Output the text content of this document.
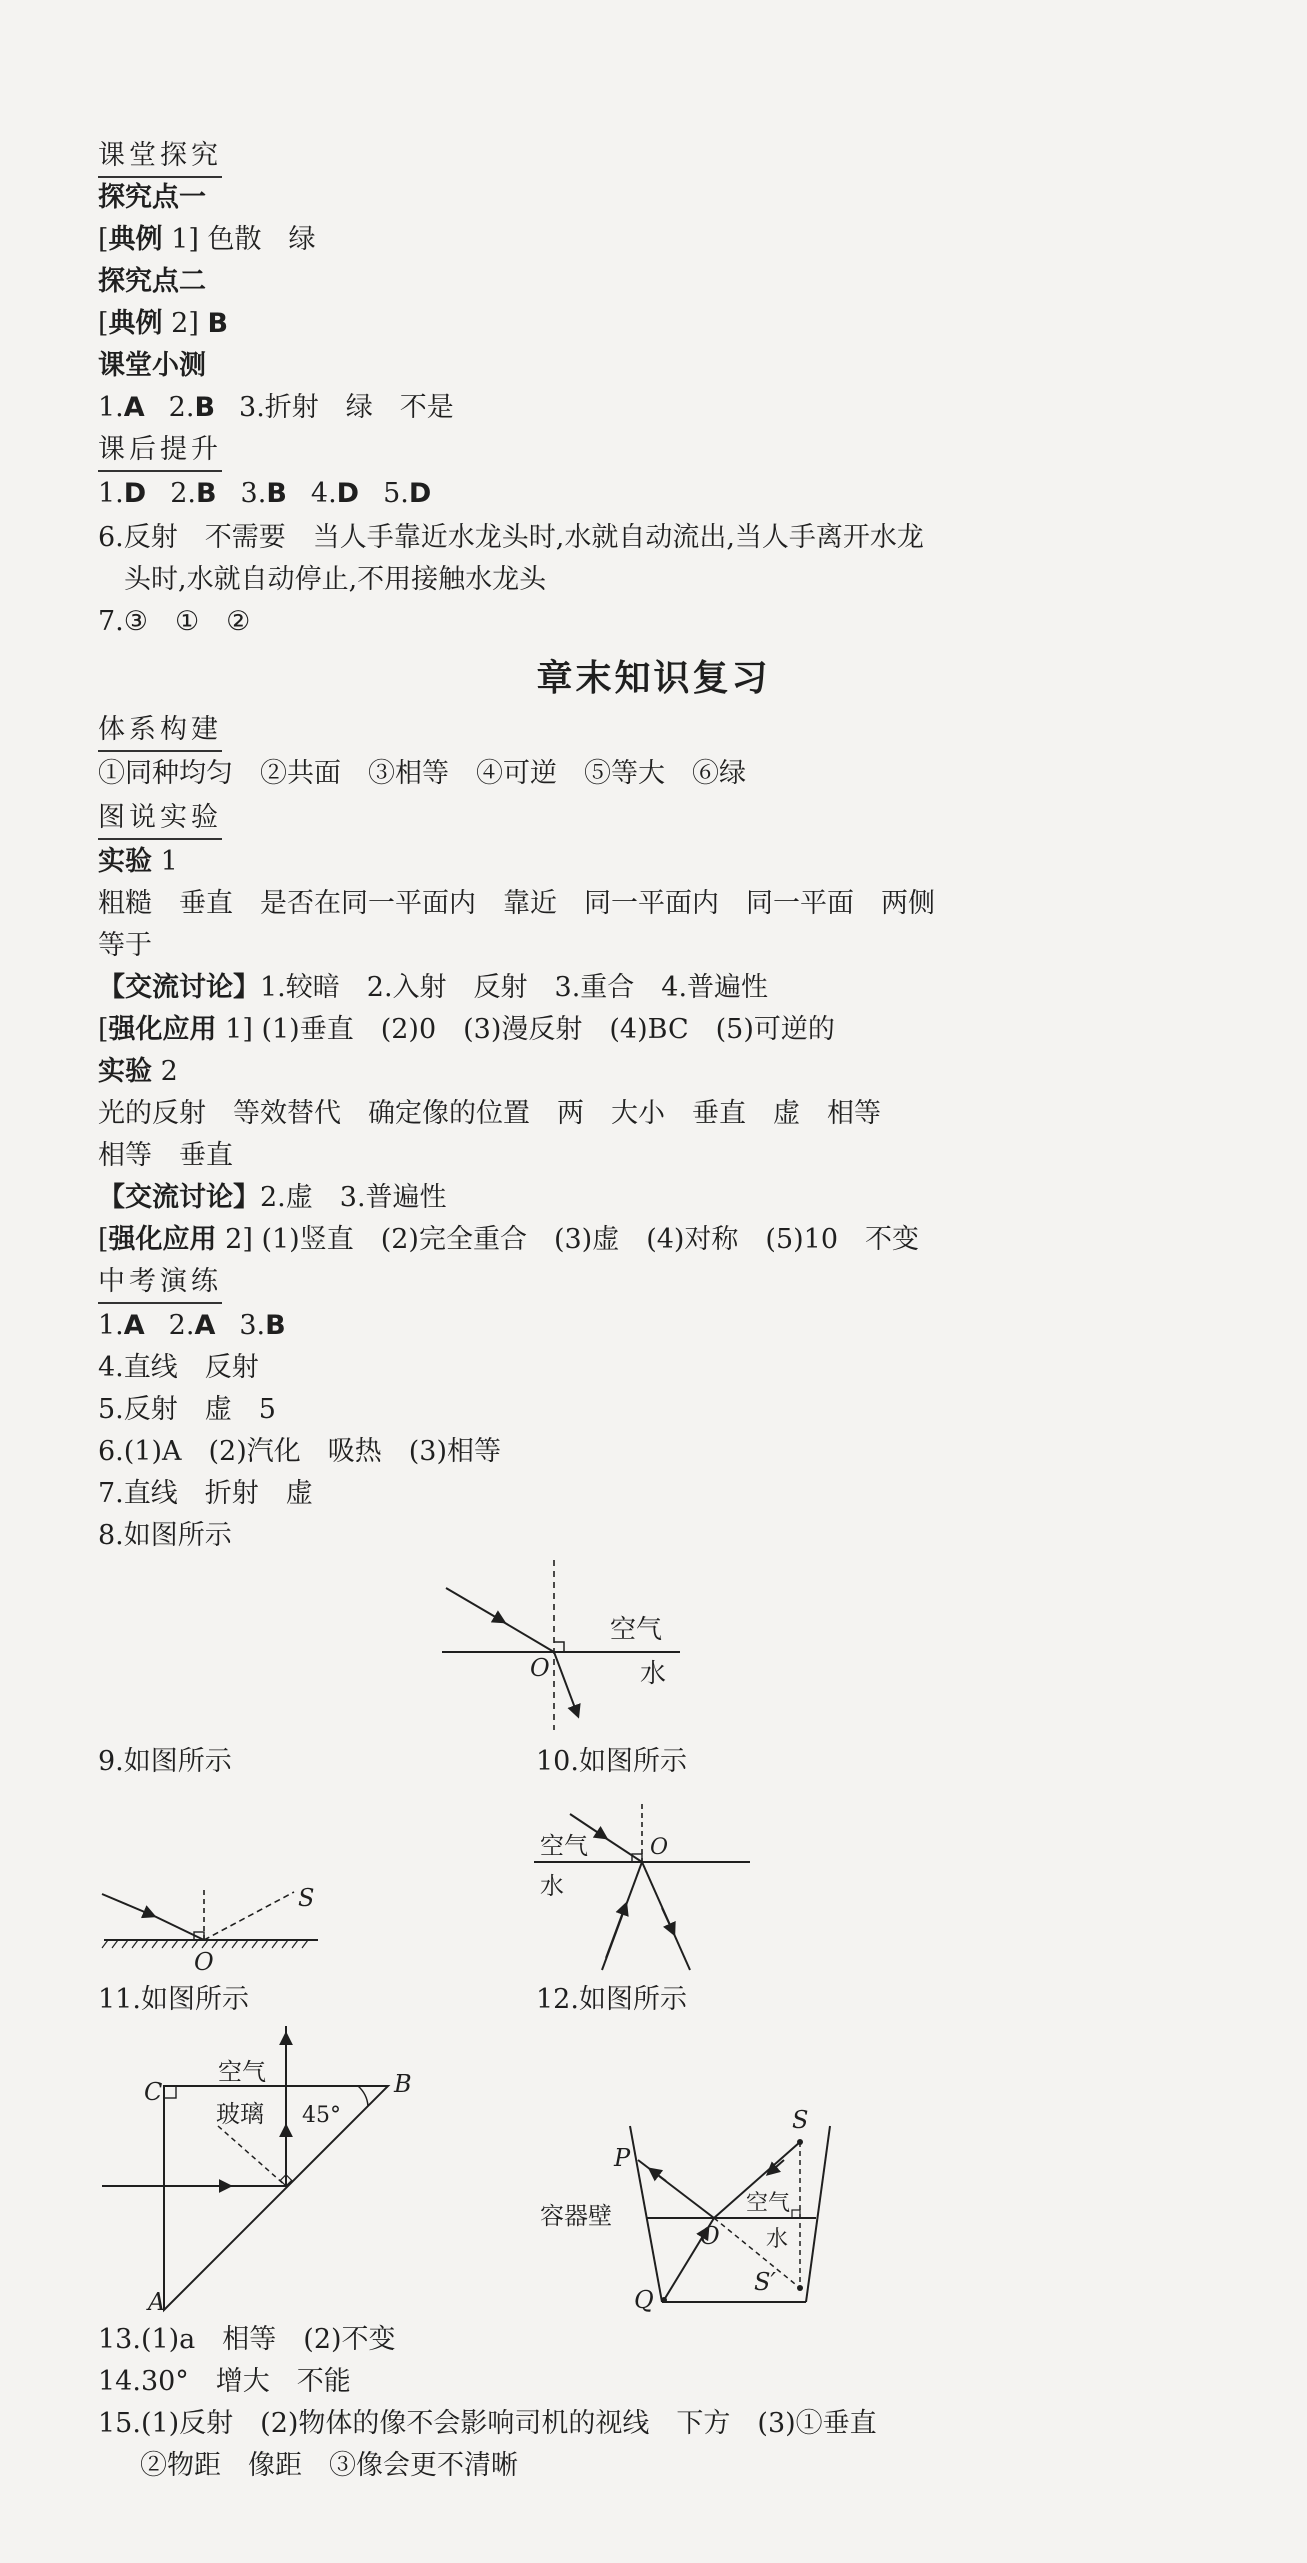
课堂探究
探究点一
[典例 1] 色散　绿
探究点二
[典例 2] B
课堂小测
1.A 2.B 3.折射　绿　不是
课后提升
1.D 2.B 3.B 4.D 5.D
6.反射　不需要　当人手靠近水龙头时,水就自动流出,当人手离开水龙
头时,水就自动停止,不用接触水龙头
7.③　①　②
章末知识复习
体系构建
①同种均匀　②共面　③相等　④可逆　⑤等大　⑥绿
图说实验
实验 1
粗糙　垂直　是否在同一平面内　靠近　同一平面内　同一平面　两侧
等于
【交流讨论】1.较暗　2.入射　反射　3.重合　4.普遍性
[强化应用 1] (1)垂直　(2)0　(3)漫反射　(4)BC　(5)可逆的
实验 2
光的反射　等效替代　确定像的位置　两　大小　垂直　虚　相等
相等　垂直
【交流讨论】2.虚　3.普遍性
[强化应用 2] (1)竖直　(2)完全重合　(3)虚　(4)对称　(5)10　不变
中考演练
1.A 2.A 3.B
4.直线　反射
5.反射　虚　5
6.(1)A　(2)汽化　吸热　(3)相等
7.直线　折射　虚
8.如图所示
9.如图所示	10.如图所示
11.如图所示	12.如图所示
13.(1)a　相等　(2)不变
14.30°　增大　不能
15.(1)反射　(2)物体的像不会影响司机的视线　下方　(3)①垂直
②物距　像距　③像会更不清晰
空气
水
O
S
O
空气
水
O
C	B
A
空气
玻璃 45°	S
P
Q
O
S′
空气
水
容器壁
